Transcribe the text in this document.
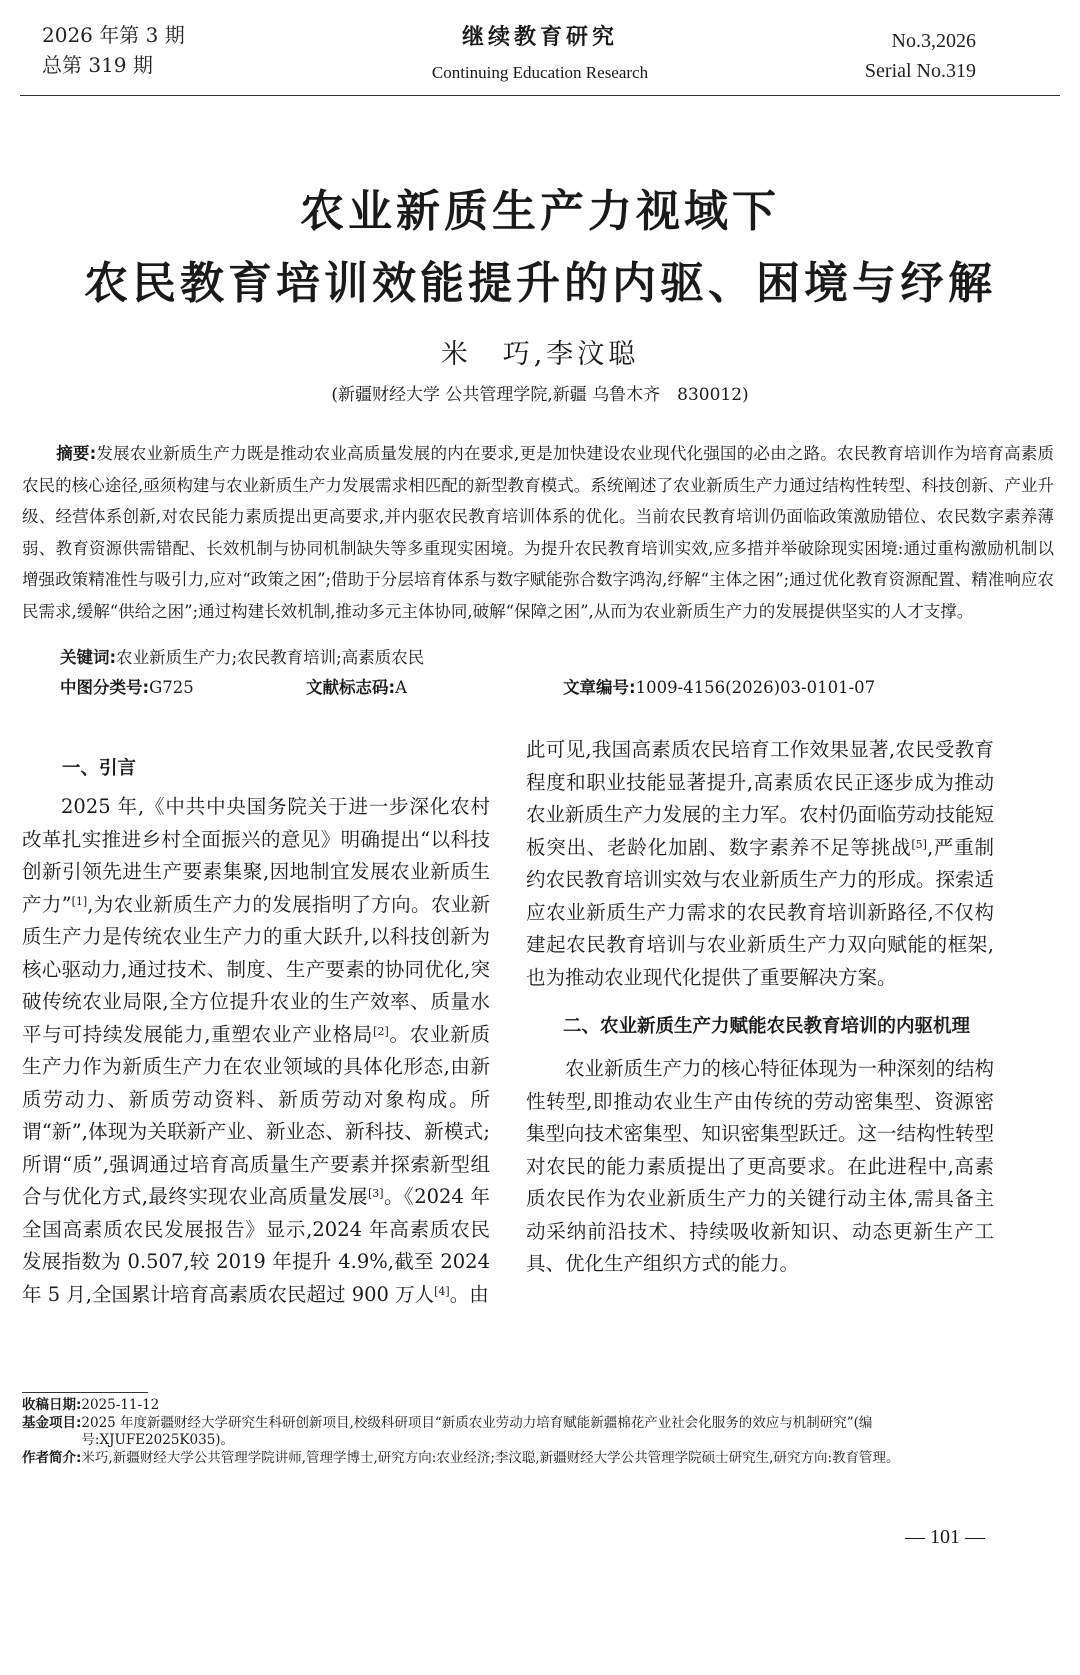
2026 年第 3 期
总第 319 期
继续教育研究
Continuing Education Research
No.3,2026
Serial No.319
农业新质生产力视域下
农民教育培训效能提升的内驱、困境与纾解
米　巧,李汶聪
(新疆财经大学 公共管理学院,新疆 乌鲁木齐　830012)
摘要:发展农业新质生产力既是推动农业高质量发展的内在要求,更是加快建设农业现代化强国的必由之路。农民教育培训作为培育高素质农民的核心途径,亟须构建与农业新质生产力发展需求相匹配的新型教育模式。系统阐述了农业新质生产力通过结构性转型、科技创新、产业升级、经营体系创新,对农民能力素质提出更高要求,并内驱农民教育培训体系的优化。当前农民教育培训仍面临政策激励错位、农民数字素养薄弱、教育资源供需错配、长效机制与协同机制缺失等多重现实困境。为提升农民教育培训实效,应多措并举破除现实困境:通过重构激励机制以增强政策精准性与吸引力,应对“政策之困”;借助于分层培育体系与数字赋能弥合数字鸿沟,纾解“主体之困”;通过优化教育资源配置、精准响应农民需求,缓解“供给之困”;通过构建长效机制,推动多元主体协同,破解“保障之困”,从而为农业新质生产力的发展提供坚实的人才支撑。
关键词:农业新质生产力;农民教育培训;高素质农民
中图分类号:G725	文献标志码:A	文章编号:1009-4156(2026)03-0101-07
一、引言

2025 年,《中共中央国务院关于进一步深化农村改革扎实推进乡村全面振兴的意见》明确提出“以科技创新引领先进生产要素集聚,因地制宜发展农业新质生产力”[1],为农业新质生产力的发展指明了方向。农业新质生产力是传统农业生产力的重大跃升,以科技创新为核心驱动力,通过技术、制度、生产要素的协同优化,突破传统农业局限,全方位提升农业的生产效率、质量水平与可持续发展能力,重塑农业产业格局[2]。农业新质生产力作为新质生产力在农业领域的具体化形态,由新质劳动力、新质劳动资料、新质劳动对象构成。所谓“新”,体现为关联新产业、新业态、新科技、新模式;所谓“质”,强调通过培育高质量生产要素并探索新型组合与优化方式,最终实现农业高质量发展[3]。《2024 年全国高素质农民发展报告》显示,2024 年高素质农民发展指数为 0.507,较 2019 年提升 4.9%,截至 2024 年 5 月,全国累计培育高素质农民超过 900 万人[4]。由

此可见,我国高素质农民培育工作效果显著,农民受教育程度和职业技能显著提升,高素质农民正逐步成为推动农业新质生产力发展的主力军。农村仍面临劳动技能短板突出、老龄化加剧、数字素养不足等挑战[5],严重制约农民教育培训实效与农业新质生产力的形成。探索适应农业新质生产力需求的农民教育培训新路径,不仅构建起农民教育培训与农业新质生产力双向赋能的框架,也为推动农业现代化提供了重要解决方案。

二、农业新质生产力赋能农民教育培训的内驱机理

农业新质生产力的核心特征体现为一种深刻的结构性转型,即推动农业生产由传统的劳动密集型、资源密集型向技术密集型、知识密集型跃迁。这一结构性转型对农民的能力素质提出了更高要求。在此进程中,高素质农民作为农业新质生产力的关键行动主体,需具备主动采纳前沿技术、持续吸收新知识、动态更新生产工具、优化生产组织方式的能力。

收稿日期: 2025-11-12
基金项目: 2025 年度新疆财经大学研究生科研创新项目,校级科研项目“新质农业劳动力培育赋能新疆棉花产业社会化服务的效应与机制研究”(编号:XJUFE2025K035)。
作者简介: 米巧,新疆财经大学公共管理学院讲师,管理学博士,研究方向:农业经济;李汶聪,新疆财经大学公共管理学院硕士研究生,研究方向:教育管理。
— 101 —
